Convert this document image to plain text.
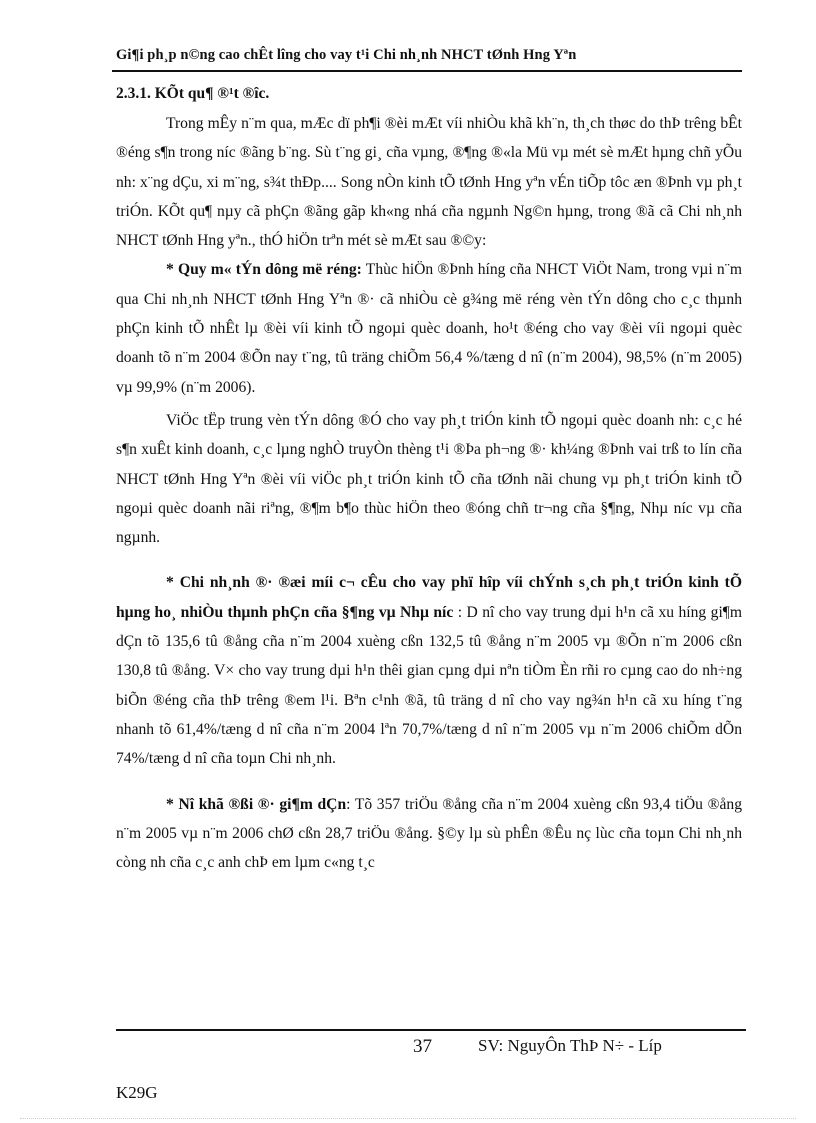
Gi¶i ph¸p n©ng cao chÊt lîng cho vay t¹i Chi nh¸nh NHCT tØnh Hng Yªn
2.3.1. KÕt qu¶ ®¹t ®îc.

Trong mÊy n¨m qua, mÆc dï ph¶i ®èi mÆt víi nhiÒu khã kh¨n, th¸ch thøc do thÞ trêng bÊt ®éng s¶n trong níc ®ãng b¨ng. Sù t¨ng gi¸ cña vµng, ®¶ng ®«la Mü vµ mét sè mÆt hµng chñ yÕu nh: x¨ng dÇu, xi m¨ng, s¾t thÐp.... Song nÒn kinh tÕ tØnh Hng yªn vÉn tiÕp tôc æn ®Þnh vµ ph¸t triÓn. KÕt qu¶ nµy cã phÇn ®ãng gãp kh«ng nhá cña ngµnh Ng©n hµng, trong ®ã cã Chi nh¸nh NHCT tØnh Hng yªn., thÓ hiÖn trªn mét sè mÆt sau ®©y:

* Quy m« tÝn dông më réng: Thùc hiÖn ®Þnh híng cña NHCT ViÖt Nam, trong vµi n¨m qua Chi nh¸nh NHCT tØnh Hng Yªn ®· cã nhiÒu cè g¾ng më réng vèn tÝn dông cho c¸c thµnh phÇn kinh tÕ nhÊt lµ ®èi víi kinh tÕ ngoµi quèc doanh, ho¹t ®éng cho vay ®èi víi ngoµi quèc doanh tõ n¨m 2004 ®Õn nay t¨ng, tû träng chiÕm 56,4 %/tæng d nî (n¨m 2004), 98,5% (n¨m 2005) vµ 99,9% (n¨m 2006).

ViÖc tËp trung vèn tÝn dông ®Ó cho vay ph¸t triÓn kinh tÕ ngoµi quèc doanh nh: c¸c hé s¶n xuÊt kinh doanh, c¸c lµng nghÒ truyÒn thèng t¹i ®Þa ph¬ng ®· kh¼ng ®Þnh vai trß to lín cña NHCT tØnh Hng Yªn ®èi víi viÖc ph¸t triÓn kinh tÕ cña tØnh nãi chung vµ ph¸t triÓn kinh tÕ ngoµi quèc doanh nãi riªng, ®¶m b¶o thùc hiÖn theo ®óng chñ tr¬ng cña §¶ng, Nhµ níc vµ cña ngµnh.

* Chi nh¸nh ®· ®æi míi c¬ cÊu cho vay phï hîp víi chÝnh s¸ch ph¸t triÓn kinh tÕ hµng ho¸ nhiÒu thµnh phÇn cña §¶ng vµ Nhµ níc : D nî cho vay trung dµi h¹n cã xu híng gi¶m dÇn tõ 135,6 tû ®ång cña n¨m 2004 xuèng cßn 132,5 tû ®ång n¨m 2005 vµ ®Õn n¨m 2006 cßn 130,8 tû ®ång. V× cho vay trung dµi h¹n thêi gian cµng dµi nªn tiÒm Èn rñi ro cµng cao do nh÷ng biÕn ®éng cña thÞ trêng ®em l¹i. Bªn c¹nh ®ã, tû träng d nî cho vay ng¾n h¹n cã xu híng t¨ng nhanh tõ 61,4%/tæng d nî cña n¨m 2004 lªn 70,7%/tæng d nî n¨m 2005 vµ n¨m 2006 chiÕm dÕn 74%/tæng d nî cña toµn Chi nh¸nh.

* Nî khã ®ßi ®· gi¶m dÇn: Tõ 357 triÖu ®ång cña n¨m 2004 xuèng cßn 93,4 tiÖu ®ång n¨m 2005 vµ n¨m 2006 chØ cßn 28,7 triÖu ®ång. §©y lµ sù phÊn ®Êu nç lùc cña toµn Chi nh¸nh còng nh cña c¸c anh chÞ em lµm c«ng t¸c

37	SV: NguyÔn ThÞ N÷ - Líp
K29G
